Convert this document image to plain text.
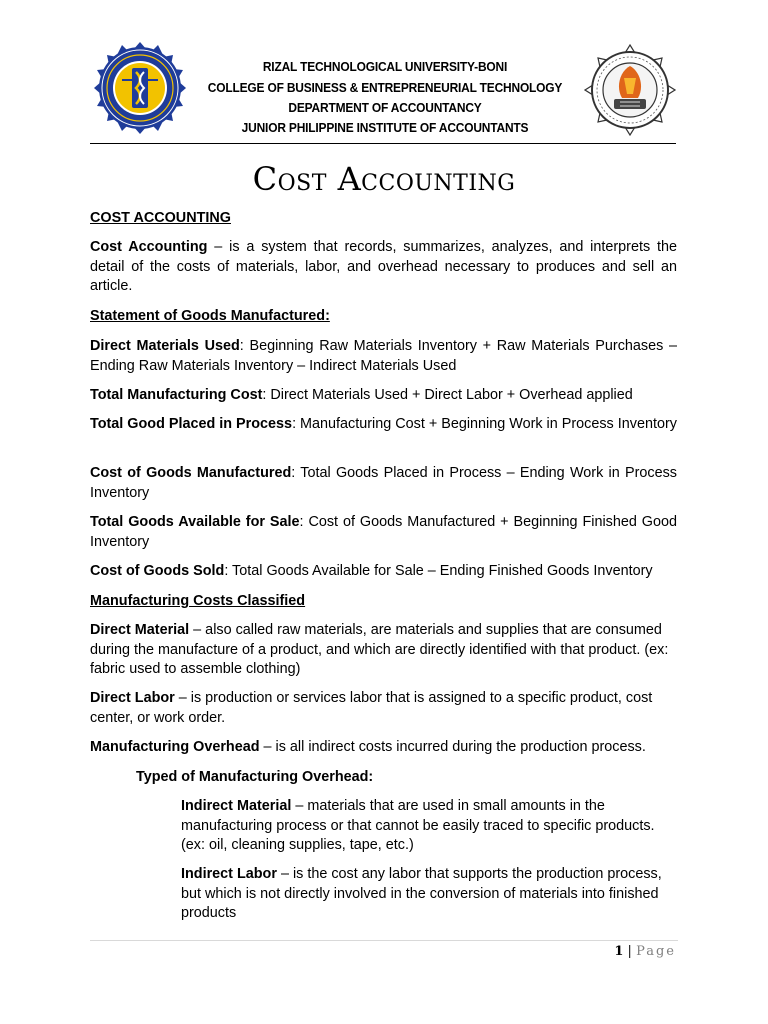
RIZAL TECHNOLOGICAL UNIVERSITY-BONI
COLLEGE OF BUSINESS & ENTREPRENEURIAL TECHNOLOGY
DEPARTMENT OF ACCOUNTANCY
JUNIOR PHILIPPINE INSTITUTE OF ACCOUNTANTS
Cost Accounting
COST ACCOUNTING
Cost Accounting – is a system that records, summarizes, analyzes, and interprets the detail of the costs of materials, labor, and overhead necessary to produces and sell an article.
Statement of Goods Manufactured:
Direct Materials Used: Beginning Raw Materials Inventory + Raw Materials Purchases – Ending Raw Materials Inventory – Indirect Materials Used
Total Manufacturing Cost: Direct Materials Used + Direct Labor + Overhead applied
Total Good Placed in Process: Manufacturing Cost + Beginning Work in Process Inventory
Cost of Goods Manufactured: Total Goods Placed in Process – Ending Work in Process Inventory
Total Goods Available for Sale: Cost of Goods Manufactured + Beginning Finished Good Inventory
Cost of Goods Sold: Total Goods Available for Sale – Ending Finished Goods Inventory
Manufacturing Costs Classified
Direct Material – also called raw materials, are materials and supplies that are consumed during the manufacture of a product, and which are directly identified with that product. (ex: fabric used to assemble clothing)
Direct Labor – is production or services labor that is assigned to a specific product, cost center, or work order.
Manufacturing Overhead – is all indirect costs incurred during the production process.
Typed of Manufacturing Overhead:
Indirect Material – materials that are used in small amounts in the manufacturing process or that cannot be easily traced to specific products. (ex: oil, cleaning supplies, tape, etc.)
Indirect Labor – is the cost any labor that supports the production process, but which is not directly involved in the conversion of materials into finished products
1 | Page
